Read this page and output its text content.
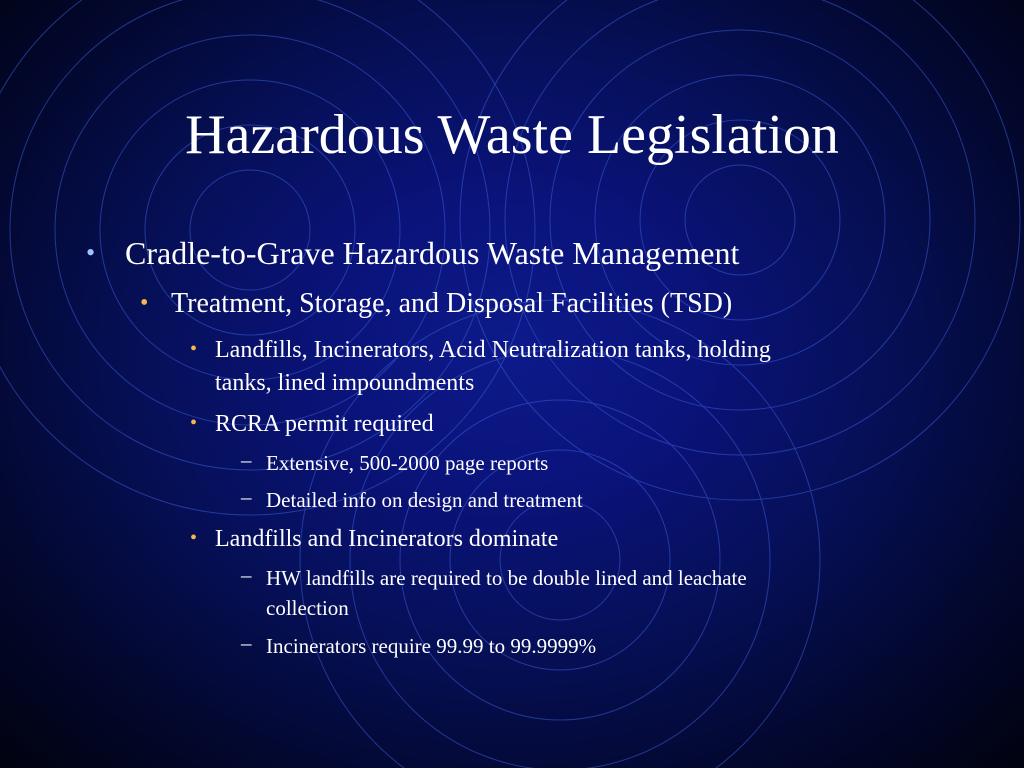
Hazardous Waste Legislation
• Cradle-to-Grave Hazardous Waste Management

• Treatment, Storage, and Disposal Facilities (TSD)

• Landfills, Incinerators, Acid Neutralization tanks, holding

tanks, lined impoundments

• RCRA permit required

– Extensive, 500-2000 page reports

– Detailed info on design and treatment

• Landfills and Incinerators dominate

– HW landfills are required to be double lined and leachate

collection

– Incinerators require 99.99 to 99.9999%
